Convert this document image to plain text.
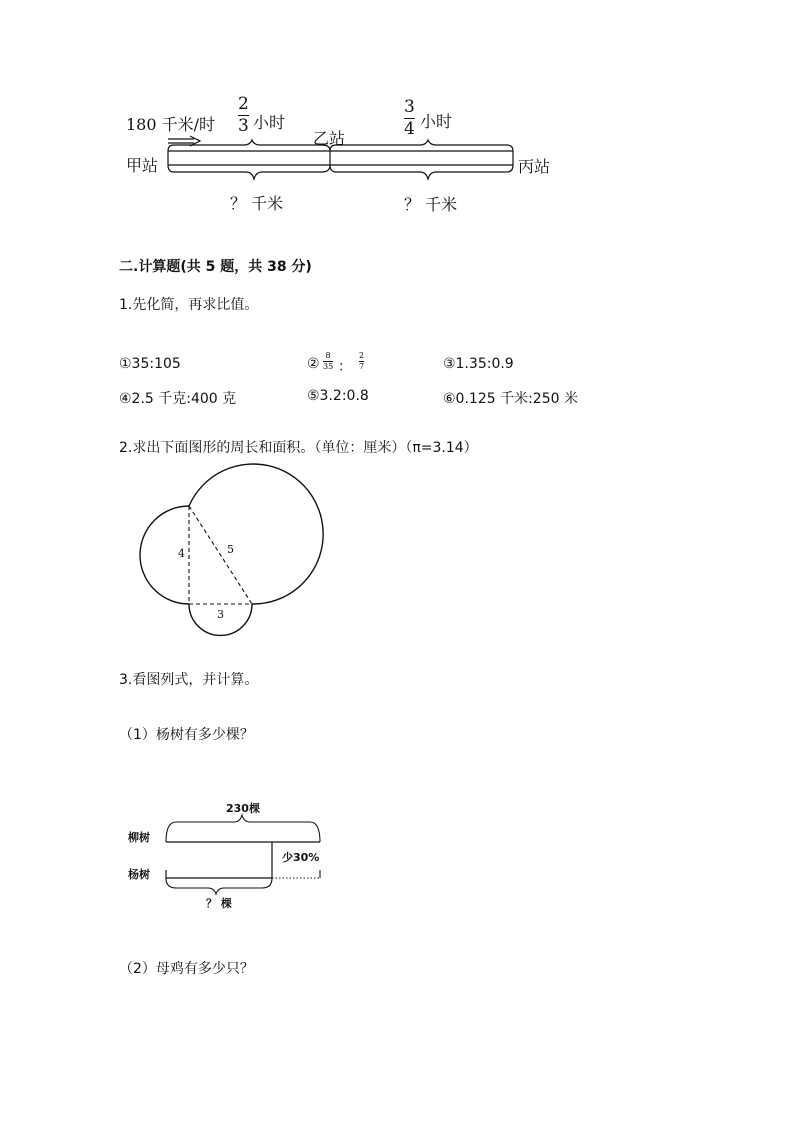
180 千米/时
2
3 小时
3
4 小时
乙站
甲站	丙站
？ 千米	？ 千米
二.计算题(共 5 题，共 38 分)
1.先化简，再求比值。
①35:105	②
8
35 ：
2
7	③1.35:0.9
④2.5 千克:400 克	⑤3.2:0.8	⑥0.125 千米:250 米
2.求出下面图形的周长和面积。（单位：厘米）（π=3.14）
4	5
3
3.看图列式，并计算。
（1）杨树有多少棵？
230棵
柳树
杨树
少30%
？ 棵
（2）母鸡有多少只？
